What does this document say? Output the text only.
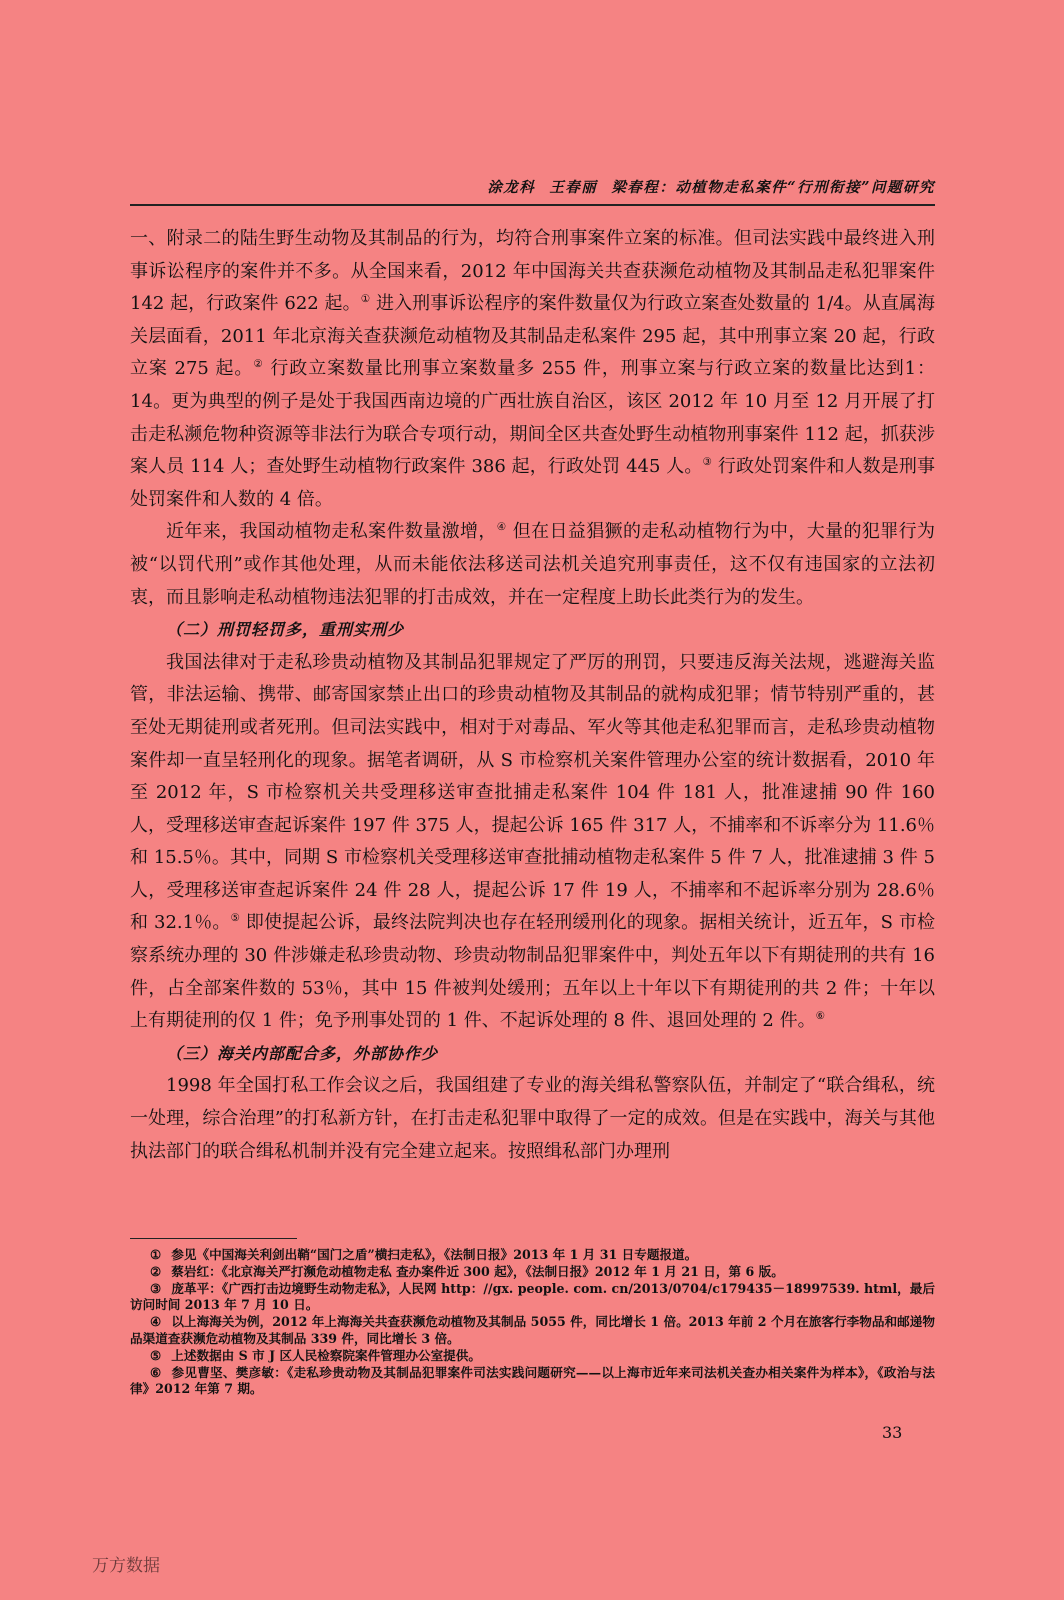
涂龙科 王春丽 梁春程：动植物走私案件“行刑衔接”问题研究

一、附录二的陆生野生动物及其制品的行为，均符合刑事案件立案的标准。但司法实践中最终进入刑事诉讼程序的案件并不多。从全国来看，2012 年中国海关共查获濒危动植物及其制品走私犯罪案件 142 起，行政案件 622 起。① 进入刑事诉讼程序的案件数量仅为行政立案查处数量的 1/4。从直属海关层面看，2011 年北京海关查获濒危动植物及其制品走私案件 295 起，其中刑事立案 20 起，行政立案 275 起。② 行政立案数量比刑事立案数量多 255 件，刑事立案与行政立案的数量比达到1：14。更为典型的例子是处于我国西南边境的广西壮族自治区，该区 2012 年 10 月至 12 月开展了打击走私濒危物种资源等非法行为联合专项行动，期间全区共查处野生动植物刑事案件 112 起，抓获涉案人员 114 人；查处野生动植物行政案件 386 起，行政处罚 445 人。③ 行政处罚案件和人数是刑事处罚案件和人数的 4 倍。

近年来，我国动植物走私案件数量激增，④ 但在日益猖獗的走私动植物行为中，大量的犯罪行为被“以罚代刑”或作其他处理，从而未能依法移送司法机关追究刑事责任，这不仅有违国家的立法初衷，而且影响走私动植物违法犯罪的打击成效，并在一定程度上助长此类行为的发生。

（二）刑罚轻罚多，重刑实刑少

我国法律对于走私珍贵动植物及其制品犯罪规定了严厉的刑罚，只要违反海关法规，逃避海关监管，非法运输、携带、邮寄国家禁止出口的珍贵动植物及其制品的就构成犯罪；情节特别严重的，甚至处无期徒刑或者死刑。但司法实践中，相对于对毒品、军火等其他走私犯罪而言，走私珍贵动植物案件却一直呈轻刑化的现象。据笔者调研，从 S 市检察机关案件管理办公室的统计数据看，2010 年至 2012 年，S 市检察机关共受理移送审查批捕走私案件 104 件 181 人，批准逮捕 90 件 160 人，受理移送审查起诉案件 197 件 375 人，提起公诉 165 件 317 人，不捕率和不诉率分为 11.6％和 15.5％。其中，同期 S 市检察机关受理移送审查批捕动植物走私案件 5 件 7 人，批准逮捕 3 件 5 人，受理移送审查起诉案件 24 件 28 人，提起公诉 17 件 19 人，不捕率和不起诉率分别为 28.6％和 32.1％。⑤ 即使提起公诉，最终法院判决也存在轻刑缓刑化的现象。据相关统计，近五年，S 市检察系统办理的 30 件涉嫌走私珍贵动物、珍贵动物制品犯罪案件中，判处五年以下有期徒刑的共有 16 件，占全部案件数的 53％，其中 15 件被判处缓刑；五年以上十年以下有期徒刑的共 2 件；十年以上有期徒刑的仅 1 件；免予刑事处罚的 1 件、不起诉处理的 8 件、退回处理的 2 件。⑥

（三）海关内部配合多，外部协作少

1998 年全国打私工作会议之后，我国组建了专业的海关缉私警察队伍，并制定了“联合缉私，统一处理，综合治理”的打私新方针，在打击走私犯罪中取得了一定的成效。但是在实践中，海关与其他执法部门的联合缉私机制并没有完全建立起来。按照缉私部门办理刑

① 参见《中国海关利剑出鞘“国门之盾”横扫走私》，《法制日报》2013 年 1 月 31 日专题报道。

② 蔡岩红：《北京海关严打濒危动植物走私 查办案件近 300 起》，《法制日报》2012 年 1 月 21 日，第 6 版。

③ 庞革平：《广西打击边境野生动物走私》，人民网 http：//gx. people. com. cn/2013/0704/c179435－18997539. html，最后访问时间 2013 年 7 月 10 日。

④ 以上海海关为例，2012 年上海海关共查获濒危动植物及其制品 5055 件，同比增长 1 倍。2013 年前 2 个月在旅客行李物品和邮递物品渠道查获濒危动植物及其制品 339 件，同比增长 3 倍。

⑤ 上述数据由 S 市 J 区人民检察院案件管理办公室提供。

⑥ 参见曹坚、樊彦敏：《走私珍贵动物及其制品犯罪案件司法实践问题研究——以上海市近年来司法机关查办相关案件为样本》，《政治与法律》2012 年第 7 期。

33
万方数据
